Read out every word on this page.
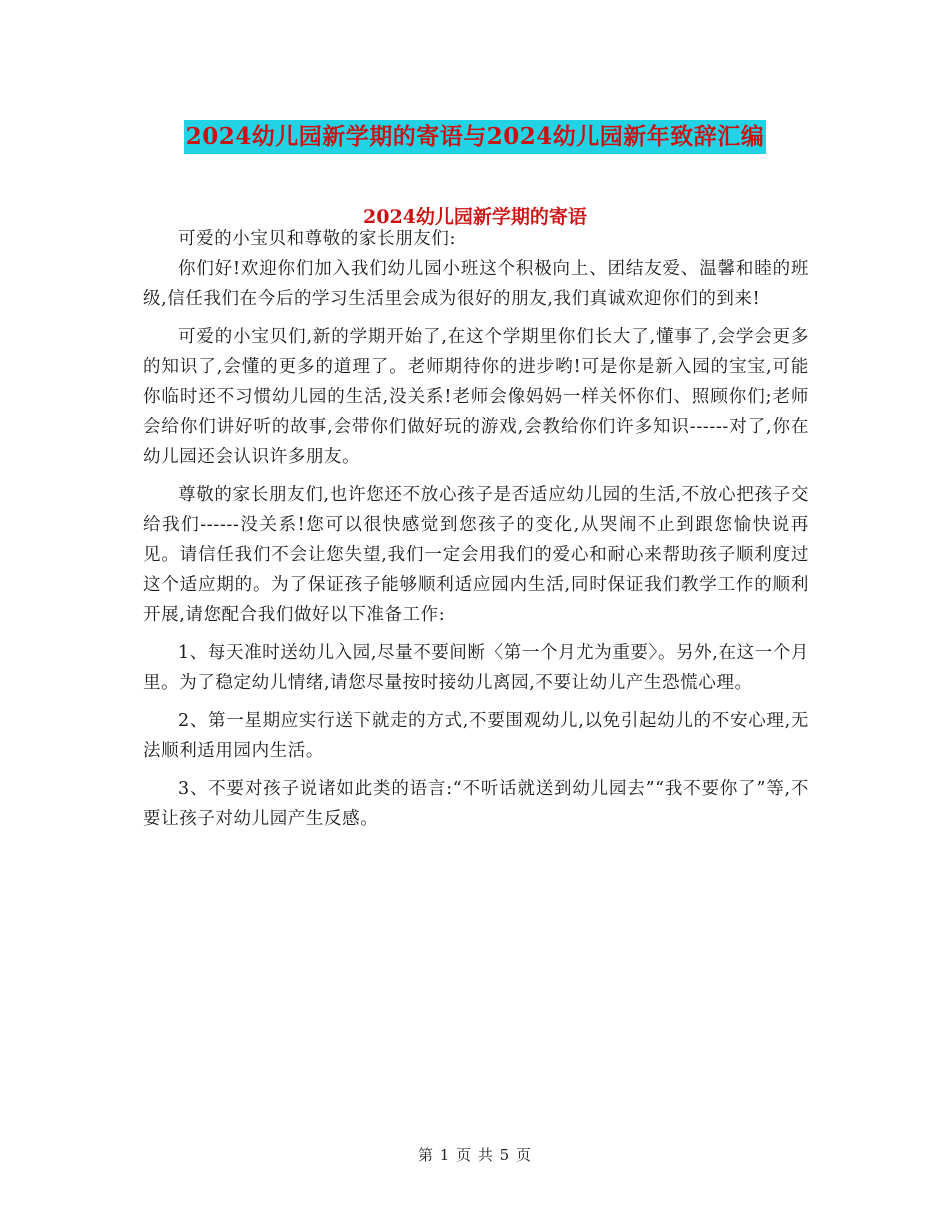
2024幼儿园新学期的寄语与2024幼儿园新年致辞汇编
2024幼儿园新学期的寄语

可爱的小宝贝和尊敬的家长朋友们:

你们好!欢迎你们加入我们幼儿园小班这个积极向上、团结友爱、温馨和睦的班级,信任我们在今后的学习生活里会成为很好的朋友,我们真诚欢迎你们的到来!

可爱的小宝贝们,新的学期开始了,在这个学期里你们长大了,懂事了,会学会更多的知识了,会懂的更多的道理了。老师期待你的进步哟!可是你是新入园的宝宝,可能你临时还不习惯幼儿园的生活,没关系!老师会像妈妈一样关怀你们、照顾你们;老师会给你们讲好听的故事,会带你们做好玩的游戏,会教给你们许多知识------对了,你在幼儿园还会认识许多朋友。

尊敬的家长朋友们,也许您还不放心孩子是否适应幼儿园的生活,不放心把孩子交给我们------没关系!您可以很快感觉到您孩子的变化,从哭闹不止到跟您愉快说再见。请信任我们不会让您失望,我们一定会用我们的爱心和耐心来帮助孩子顺利度过这个适应期的。为了保证孩子能够顺利适应园内生活,同时保证我们教学工作的顺利开展,请您配合我们做好以下准备工作:

1、每天准时送幼儿入园,尽量不要间断〈第一个月尤为重要〉。另外,在这一个月里。为了稳定幼儿情绪,请您尽量按时接幼儿离园,不要让幼儿产生恐慌心理。

2、第一星期应实行送下就走的方式,不要围观幼儿,以免引起幼儿的不安心理,无法顺利适用园内生活。

3、不要对孩子说诸如此类的语言:“不听话就送到幼儿园去”“我不要你了”等,不要让孩子对幼儿园产生反感。

第 1 页 共 5 页
